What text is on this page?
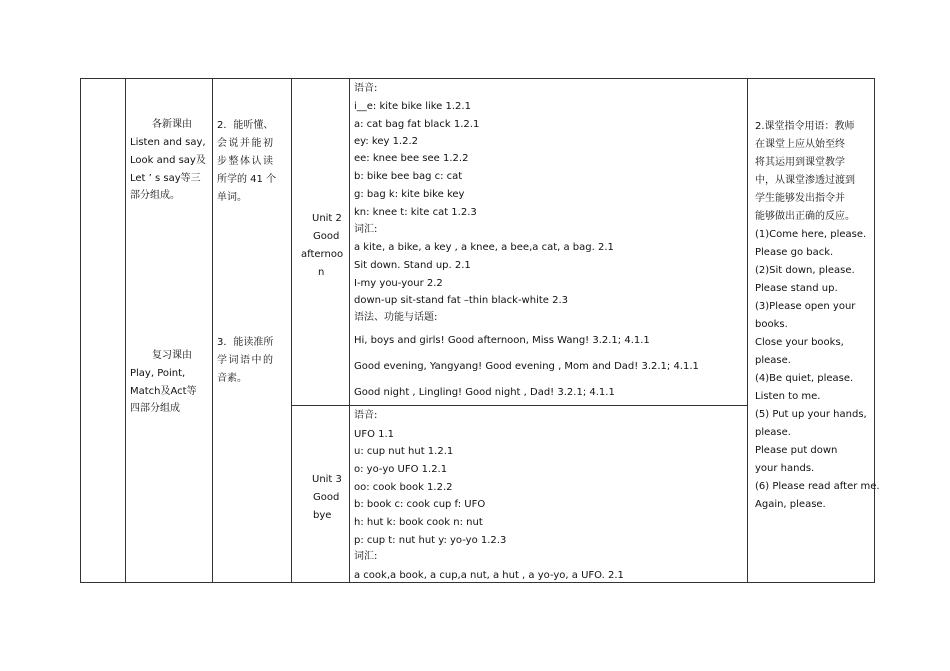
各新课由
Listen and say,
Look and say及
Let ’ s say等三
部分组成。
复习课由
Play, Point,
Match及Act等
四部分组成
2．能听懂、
会说并能初
步整体认读
所学的 41 个
单词。
3．能读准所
学词语中的
音素。
Unit 2
Good
afternoo
n
Unit 3
Good
bye
语音:
i__e: kite bike like 1.2.1
a: cat bag fat black 1.2.1
ey: key 1.2.2
ee: knee bee see 1.2.2
b: bike bee bag c: cat
g: bag k: kite bike key
kn: knee t: kite cat 1.2.3
词汇:
a kite, a bike, a key , a knee, a bee,a cat, a bag. 2.1
Sit down. Stand up. 2.1
I-my you-your 2.2
down-up sit-stand fat –thin black-white 2.3
语法、功能与话题:
Hi, boys and girls! Good afternoon, Miss Wang! 3.2.1; 4.1.1
Good evening, Yangyang! Good evening , Mom and Dad! 3.2.1; 4.1.1
Good night , Lingling! Good night , Dad! 3.2.1; 4.1.1
语音:
UFO 1.1
u: cup nut hut 1.2.1
o: yo-yo UFO 1.2.1
oo: cook book 1.2.2
b: book c: cook cup f: UFO
h: hut k: book cook n: nut
p: cup t: nut hut y: yo-yo 1.2.3
词汇:
a cook,a book, a cup,a nut, a hut , a yo-yo, a UFO. 2.1
2.课堂指令用语：教师
在课堂上应从始至终
将其运用到课堂教学
中，从课堂渗透过渡到
学生能够发出指令并
能够做出正确的反应。
(1)Come here, please.
Please go back.
(2)Sit down, please.
Please stand up.
(3)Please open your
books.
Close your books,
please.
(4)Be quiet, please.
Listen to me.
(5) Put up your hands,
please.
Please put down
your hands.
(6) Please read after me.
Again, please.
